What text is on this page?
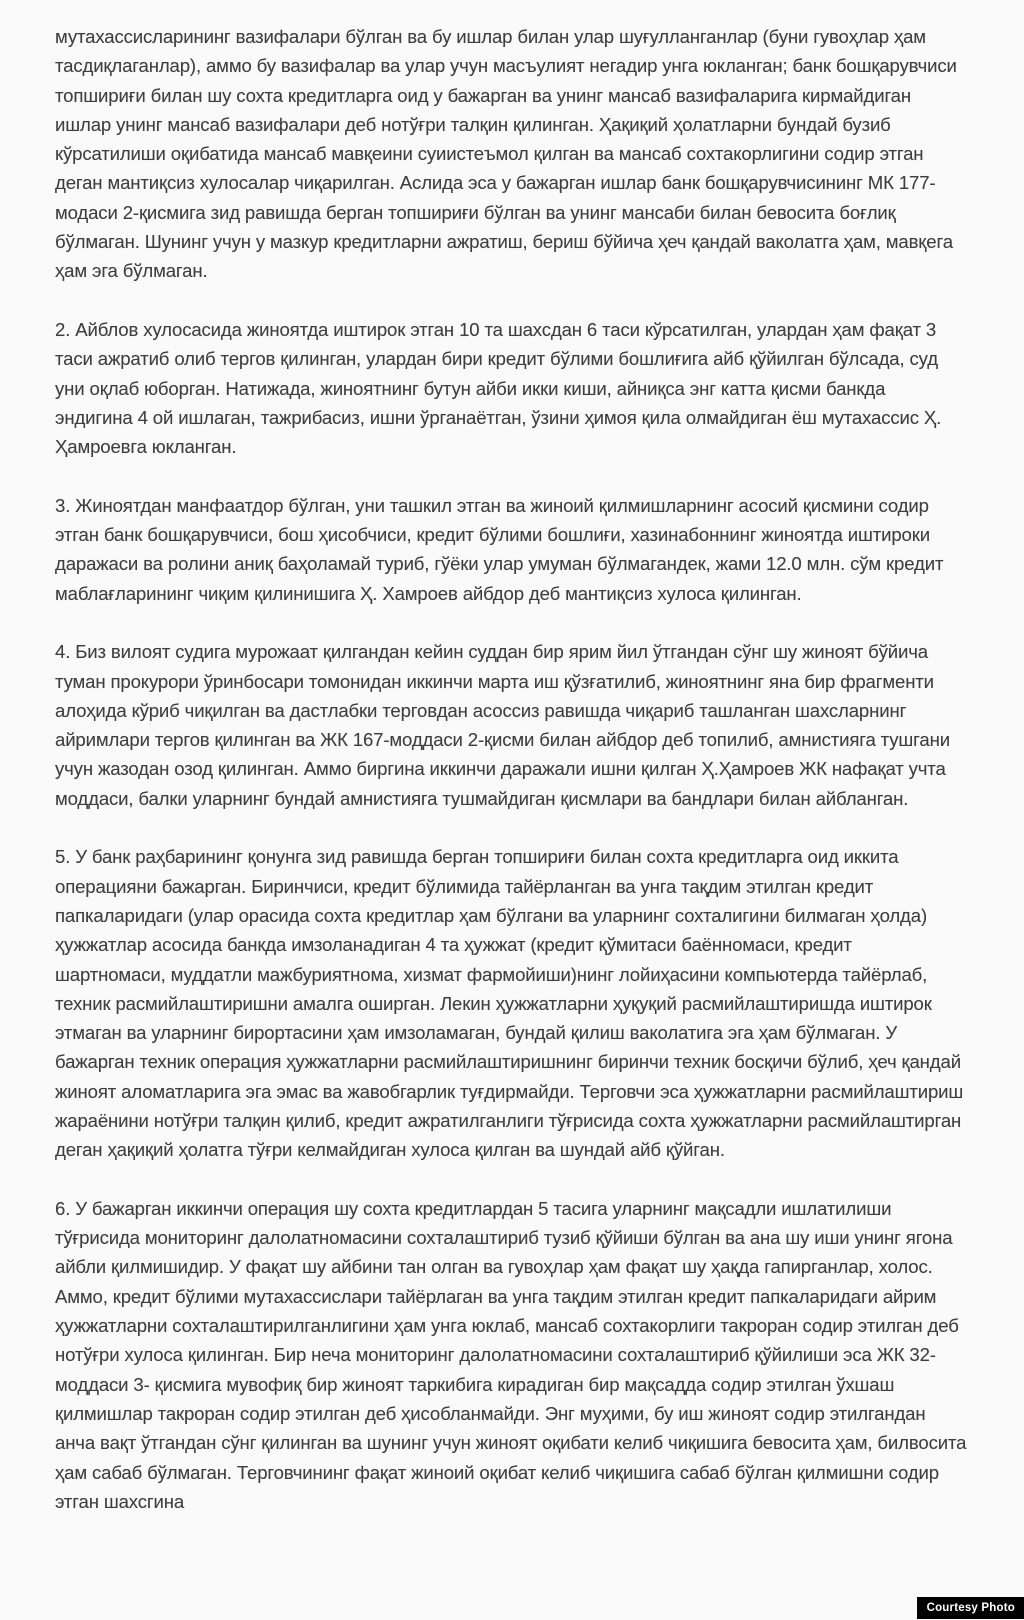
мутахассисларининг вазифалари бўлган ва бу ишлар билан улар шуғулланганлар (буни гувоҳлар ҳам тасдиқлаганлар), аммо бу вазифалар ва улар учун масъулият негадир унга юкланган; банк бошқарувчиси топшириғи билан шу сохта кредитларга оид у бажарган ва унинг мансаб вазифаларига кирмайдиган ишлар унинг мансаб вазифалари деб нотўғри талқин қилинган. Ҳақиқий ҳолатларни бундай бузиб кўрсатилиши оқибатида мансаб мавқеини суиистеъмол қилган ва мансаб сохтакорлигини содир этган деган мантиқсиз хулосалар чиқарилган. Аслида эса у бажарган ишлар банк бошқарувчисининг МК 177-модаси 2-қисмига зид равишда берган топшириғи бўлган ва унинг мансаби билан бевосита боғлиқ бўлмаган. Шунинг учун у мазкур кредитларни ажратиш, бериш бўйича ҳеч қандай ваколатга ҳам, мавқега ҳам эга бўлмаган.

2. Айблов хулосасида жиноятда иштирок этган 10 та шахсдан 6 таси кўрсатилган, улардан ҳам фақат 3 таси ажратиб олиб тергов қилинган, улардан бири кредит бўлими бошлиғига айб қўйилган бўлсада, суд уни оқлаб юборган. Натижада, жиноятнинг бутун айби икки киши, айниқса энг катта қисми банкда эндигина 4 ой ишлаган, тажрибасиз, ишни ўрганаётган, ўзини ҳимоя қила олмайдиган ёш мутахассис Ҳ. Ҳамроевга юкланган.

3. Жиноятдан манфаатдор бўлган, уни ташкил этган ва жиноий қилмишларнинг асосий қисмини содир этган банк бошқарувчиси, бош ҳисобчиси, кредит бўлими бошлиғи, хазинабоннинг жиноятда иштироки даражаси ва ролини аниқ баҳоламай туриб, гўёки улар умуман бўлмагандек, жами 12.0 млн. сўм кредит маблағларининг чиқим қилинишига Ҳ. Хамроев айбдор деб мантиқсиз хулоса қилинган.

4. Биз вилоят судига мурожаат қилгандан кейин суддан бир ярим йил ўтгандан сўнг шу жиноят бўйича туман прокурори ўринбосари томонидан иккинчи марта иш қўзғатилиб, жиноятнинг яна бир фрагменти алоҳида кўриб чиқилган ва дастлабки терговдан асоссиз равишда чиқариб ташланган шахсларнинг айримлари тергов қилинган ва ЖК 167-моддаси 2-қисми билан айбдор деб топилиб, амнистияга тушгани учун жазодан озод қилинган. Аммо биргина иккинчи даражали ишни қилган Ҳ.Ҳамроев ЖК нафақат учта моддаси, балки уларнинг бундай амнистияга тушмайдиган қисмлари ва бандлари билан айбланган.

5. У банк раҳбарининг қонунга зид равишда берган топшириғи билан сохта кредитларга оид иккита операцияни бажарган. Биринчиси, кредит бўлимида тайёрланган ва унга тақдим этилган кредит папкаларидаги (улар орасида сохта кредитлар ҳам бўлгани ва уларнинг сохталигини билмаган ҳолда) ҳужжатлар асосида банкда имзоланадиган 4 та ҳужжат (кредит қўмитаси баённомаси, кредит шартномаси, муддатли мажбуриятнома, хизмат фармойиши)нинг лойиҳасини компьютерда тайёрлаб, техник расмийлаштиришни амалга оширган. Лекин ҳужжатларни ҳуқуқий расмийлаштиришда иштирок этмаган ва уларнинг бирортасини ҳам имзоламаган, бундай қилиш ваколатига эга ҳам бўлмаган. У бажарган техник операция ҳужжатларни расмийлаштиришнинг биринчи техник босқичи бўлиб, ҳеч қандай жиноят аломатларига эга эмас ва жавобгарлик туғдирмайди. Терговчи эса ҳужжатларни расмийлаштириш жараёнини нотўғри талқин қилиб, кредит ажратилганлиги тўғрисида сохта ҳужжатларни расмийлаштирган деган ҳақиқий ҳолатга тўғри келмайдиган хулоса қилган ва шундай айб қўйган.

6. У бажарган иккинчи операция шу сохта кредитлардан 5 тасига уларнинг мақсадли ишлатилиши тўғрисида мониторинг далолатномасини сохталаштириб тузиб қўйиши бўлган ва ана шу иши унинг ягона айбли қилмишидир. У фақат шу айбини тан олган ва гувоҳлар ҳам фақат шу ҳақда гапирганлар, холос. Аммо, кредит бўлими мутахассислари тайёрлаган ва унга тақдим этилган кредит папкаларидаги айрим ҳужжатларни сохталаштирилганлигини ҳам унга юклаб, мансаб сохтакорлиги такроран содир этилган деб нотўғри хулоса қилинган. Бир неча мониторинг далолатномасини сохталаштириб қўйилиши эса ЖК 32-моддаси 3- қисмига мувофиқ бир жиноят таркибига кирадиган бир мақсадда содир этилган ўхшаш қилмишлар такроран содир этилган деб ҳисобланмайди. Энг муҳими, бу иш жиноят содир этилгандан анча вақт ўтгандан сўнг қилинган ва шунинг учун жиноят оқибати келиб чиқишига бевосита ҳам, билвосита ҳам сабаб бўлмаган. Терговчининг фақат жиноий оқибат келиб чиқишига сабаб бўлган қилмишни содир этган шахсгина

Courtesy Photo
